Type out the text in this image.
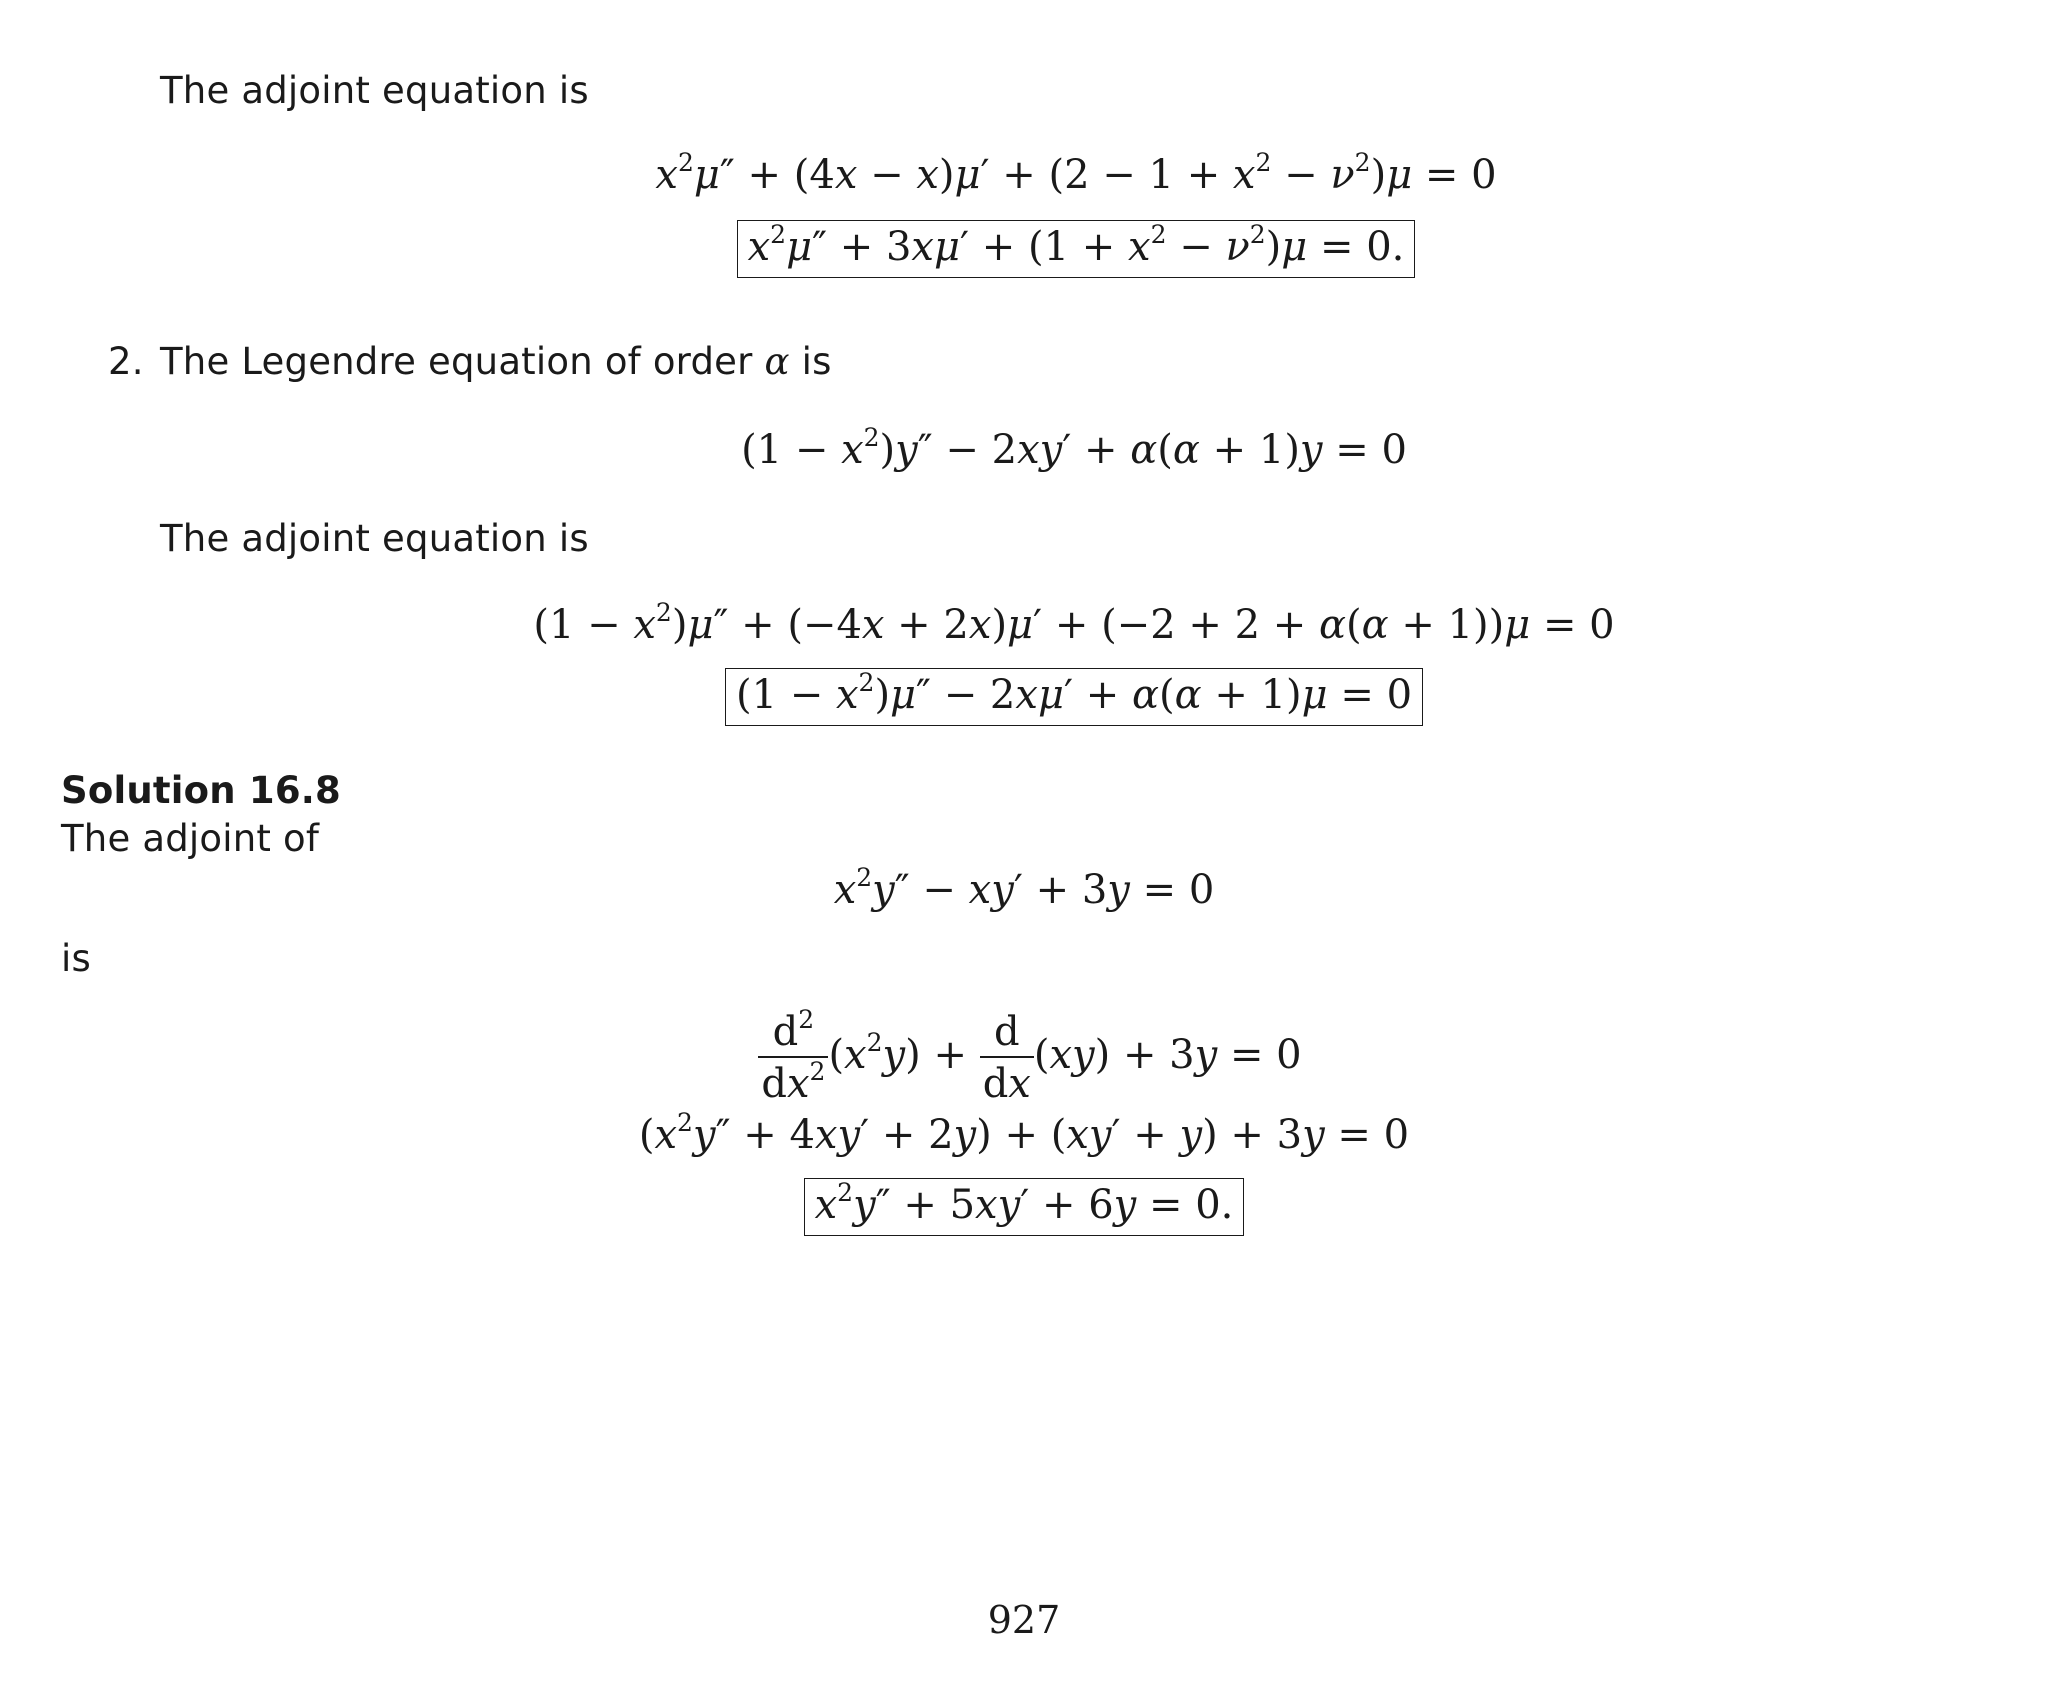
The adjoint equation is
$x^2\mu'' + (4x - x)\mu' + (2 - 1 + x^2 - \nu^2)\mu = 0$
$x^2\mu'' + 3x\mu' + (1 + x^2 - \nu^2)\mu = 0$.
2. The Legendre equation of order α is
$(1 - x^2)y'' - 2xy' + \alpha(\alpha + 1)y = 0$
The adjoint equation is
$(1 - x^2)\mu'' + (-4x + 2x)\mu' + (-2 + 2 + \alpha(\alpha + 1))\mu = 0$
$(1 - x^2)\mu'' - 2x\mu' + \alpha(\alpha + 1)\mu = 0$
Solution 16.8
The adjoint of
$x^2y'' - xy' + 3y = 0$
is
$\frac{d^2}{dx^2} (x^2y) + \frac{d}{dx} (xy) + 3y = 0$
$(x^2y'' + 4xy' + 2y) + (xy' + y) + 3y = 0$
$x^2y'' + 5xy' + 6y = 0$.
927
